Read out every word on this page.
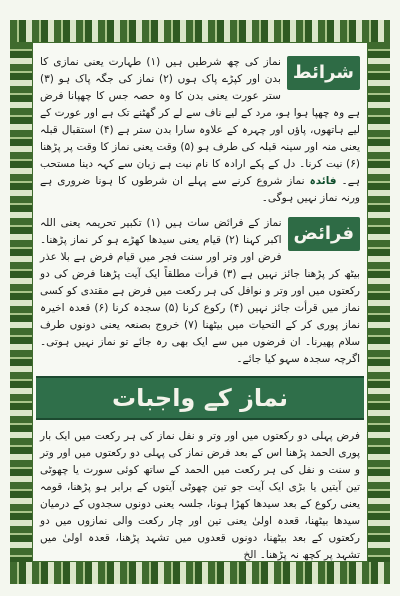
شرائط
نماز کی چھ شرطیں ہیں (۱) طہارت یعنی نمازی کا بدن اور کپڑے پاک ہوں (۲) نماز کی جگہ پاک ہو (۳) ستر عورت یعنی بدن کا وہ حصہ جس کا چھپانا فرض ہے وہ چھپا ہوا ہو، مرد کے لیے ناف سے لے کر گھٹنے تک ہے اور عورت کے لیے ہاتھوں، پاؤں اور چہرہ کے علاوہ سارا بدن ستر ہے (۴) استقبال قبلہ یعنی منہ اور سینہ قبلہ کی طرف ہو (۵) وقت یعنی نماز کا وقت پر پڑھنا (۶) نیت کرنا۔ دل کے پکے ارادہ کا نام نیت ہے زبان سے کہہ دینا مستحب ہے۔ فائدہ نماز شروع کرنے سے پہلے ان شرطوں کا ہونا ضروری ہے ورنہ نماز نہیں ہوگی۔
فرائض
نماز کے فرائض سات ہیں (۱) تکبیر تحریمہ یعنی اللہ اکبر کہنا (۲) قیام یعنی سیدھا کھڑے ہو کر نماز پڑھنا۔ فرض اور وتر اور سنت فجر میں قیام فرض ہے بلا عذر بیٹھ کر پڑھنا جائز نہیں ہے (۳) قرأت مطلقاً ایک آیت پڑھنا فرض کی دو رکعتوں میں اور وتر و نوافل کی ہر رکعت میں فرض ہے مقتدی کو کسی نماز میں قرأت جائز نہیں (۴) رکوع کرنا (۵) سجدہ کرنا (۶) قعدہ اخیرہ نماز پوری کر کے التحیات میں بیٹھنا (۷) خروج بصنعہ یعنی دونوں طرف سلام پھیرنا۔ ان فرضوں میں سے ایک بھی رہ جائے تو نماز نہیں ہوتی۔ اگرچہ سجدہ سہو کیا جائے۔
نماز کے واجبات
فرض پہلی دو رکعتوں میں اور وتر و نفل نماز کی ہر رکعت میں ایک بار پوری الحمد پڑھنا اس کے بعد فرض نماز کی پہلی دو رکعتوں میں اور وتر و سنت و نفل کی ہر رکعت میں الحمد کے ساتھ کوئی سورت یا چھوٹی تین آیتیں یا بڑی ایک آیت جو تین چھوٹی آیتوں کے برابر ہو پڑھنا، قومہ یعنی رکوع کے بعد سیدھا کھڑا ہونا، جلسہ یعنی دونوں سجدوں کے درمیان سیدھا بیٹھنا، قعدہ اولیٰ یعنی تین اور چار رکعت والی نمازوں میں دو رکعتوں کے بعد بیٹھنا، دونوں قعدوں میں تشہد پڑھنا، قعدہ اولیٰ میں تشہد پر کچھ نہ پڑھنا۔ الخ
